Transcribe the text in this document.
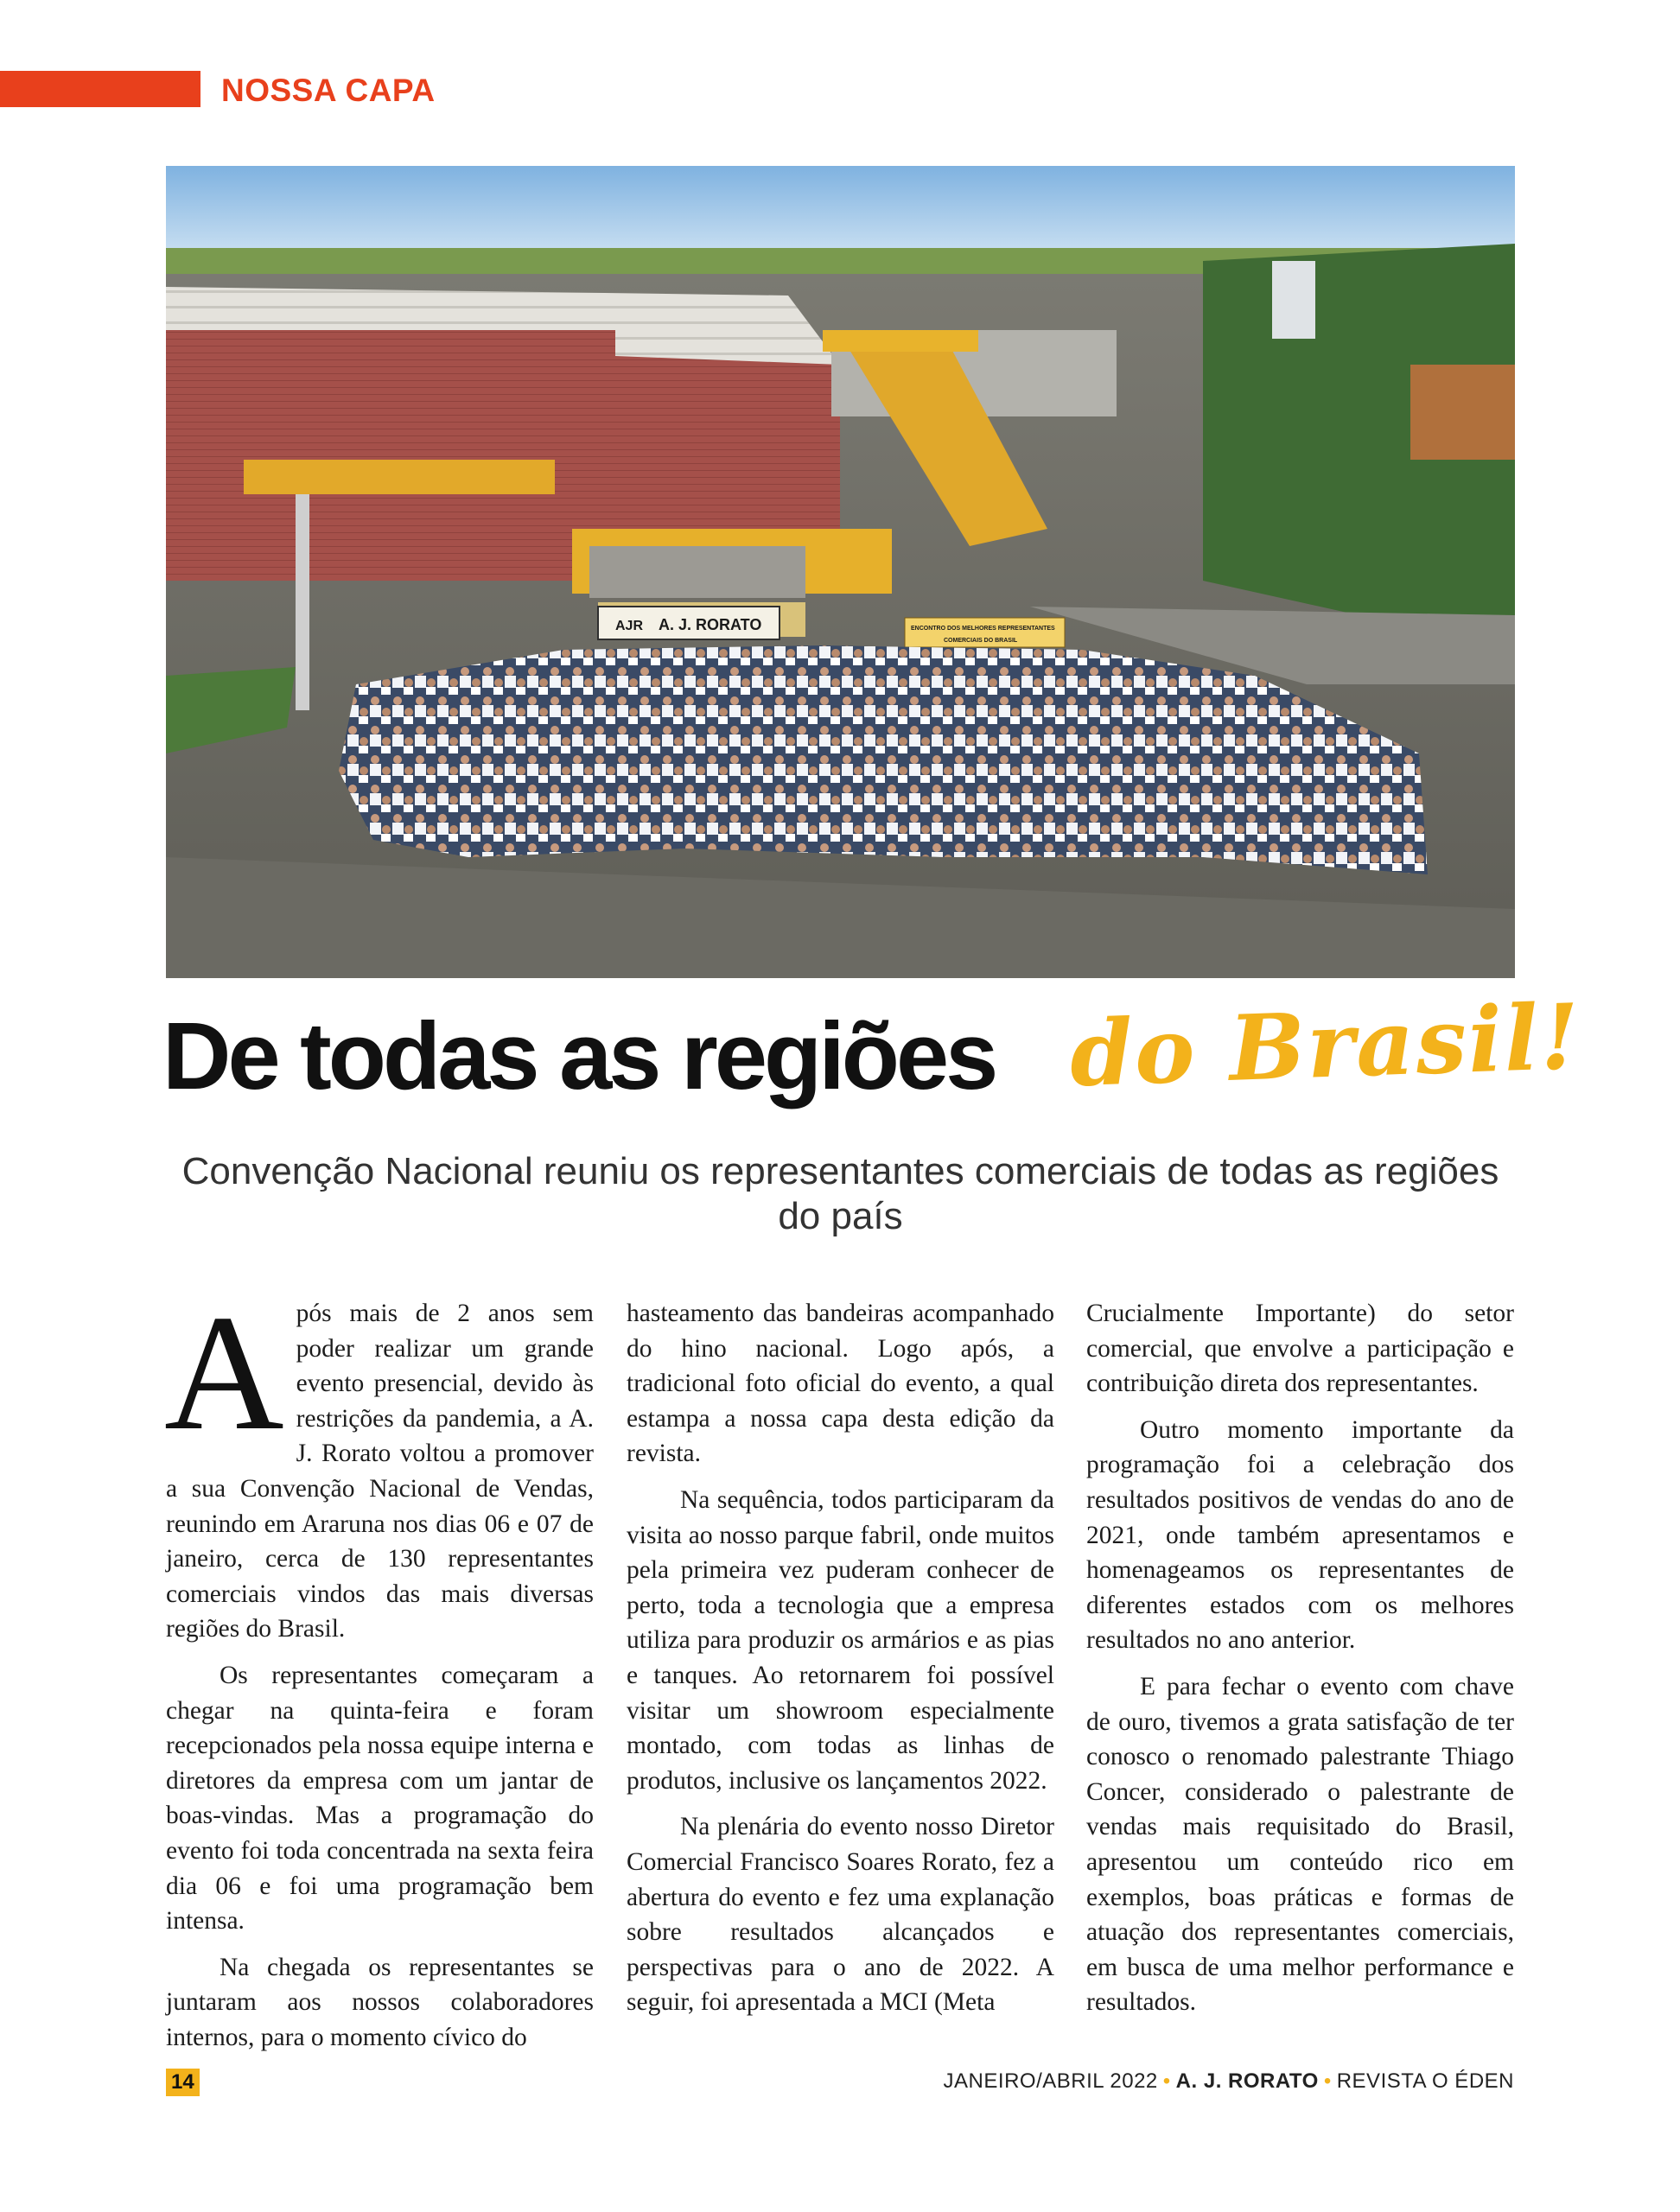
NOSSA CAPA
AJR A. J. RORATO	ENCONTRO DOS MELHORES REPRESENTANTES
COMERCIAIS DO BRASIL
De todas as regiões do Brasil!
Convenção Nacional reuniu os representantes comerciais de todas as regiões do país

Após mais de 2 anos sem poder realizar um grande evento presencial, devido às restrições da pandemia, a A. J. Rorato voltou a promover a sua Convenção Nacional de Vendas, reunindo em Araruna nos dias 06 e 07 de janeiro, cerca de 130 representantes comerciais vindos das mais diversas regiões do Brasil.

Os representantes começaram a chegar na quinta-feira e foram recepcionados pela nossa equipe interna e diretores da empresa com um jantar de boas-vindas. Mas a programação do evento foi toda concentrada na sexta feira dia 06 e foi uma programação bem intensa.

Na chegada os representantes se juntaram aos nossos colaboradores internos, para o momento cívico do

hasteamento das bandeiras acompanhado do hino nacional. Logo após, a tradicional foto oficial do evento, a qual estampa a nossa capa desta edição da revista.

Na sequência, todos participaram da visita ao nosso parque fabril, onde muitos pela primeira vez puderam conhecer de perto, toda a tecnologia que a empresa utiliza para produzir os armários e as pias e tanques. Ao retornarem foi possível visitar um showroom especialmente montado, com todas as linhas de produtos, inclusive os lançamentos 2022.

Na plenária do evento nosso Diretor Comercial Francisco Soares Rorato, fez a abertura do evento e fez uma explanação sobre resultados alcançados e perspectivas para o ano de 2022. A seguir, foi apresentada a MCI (Meta

Crucialmente Importante) do setor comercial, que envolve a participação e contribuição direta dos representantes.

Outro momento importante da programação foi a celebração dos resultados positivos de vendas do ano de 2021, onde também apresentamos e homenageamos os representantes de diferentes estados com os melhores resultados no ano anterior.

E para fechar o evento com chave de ouro, tivemos a grata satisfação de ter conosco o renomado palestrante Thiago Concer, considerado o palestrante de vendas mais requisitado do Brasil, apresentou um conteúdo rico em exemplos, boas práticas e formas de atuação dos representantes comerciais, em busca de uma melhor performance e resultados.

14	JANEIRO/ABRIL 2022 • A. J. RORATO • REVISTA O ÉDEN
